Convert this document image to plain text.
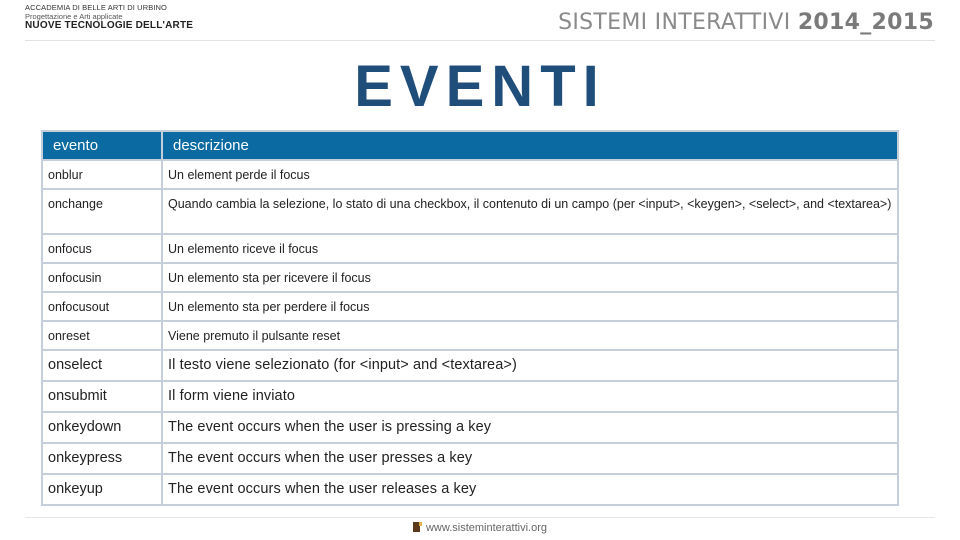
ACCADEMIA DI BELLE ARTI DI URBINO
Progettazione e Arti applicate
NUOVE TECNOLOGIE DELL'ARTE	SISTEMI INTERATTIVI 2014_2015
EVENTI
evento	descrizione
onblur	Un element perde il focus
onchange	Quando cambia la selezione, lo stato di una checkbox, il contenuto di un campo (per <input>, <keygen>, <select>, and <textarea>)
onfocus	Un elemento riceve il focus
onfocusin	Un elemento sta per ricevere il focus
onfocusout	Un elemento sta per perdere il focus
onreset	Viene premuto il pulsante reset
onselect	Il testo viene selezionato (for <input> and <textarea>)
onsubmit	Il form viene inviato
onkeydown	The event occurs when the user is pressing a key
onkeypress	The event occurs when the user presses a key
onkeyup	The event occurs when the user releases a key
www.sisteminterattivi.org
